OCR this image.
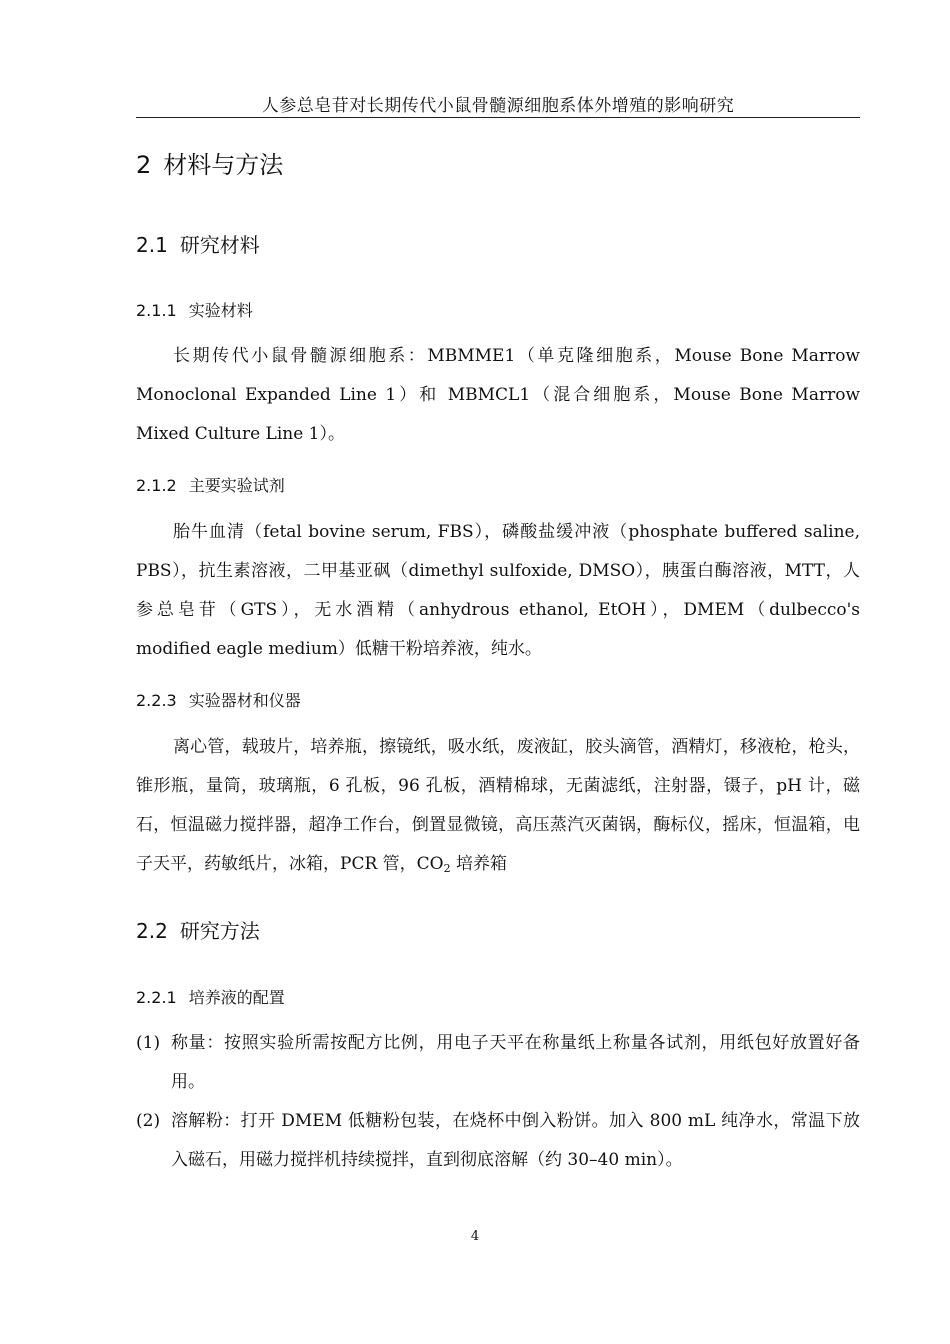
人参总皂苷对长期传代小鼠骨髓源细胞系体外增殖的影响研究
2 材料与方法
2.1 研究材料
2.1.1 实验材料

长期传代小鼠骨髓源细胞系：MBMME1（单克隆细胞系，Mouse Bone Marrow Monoclonal Expanded Line 1）和 MBMCL1（混合细胞系，Mouse Bone Marrow Mixed Culture Line 1）。

2.1.2 主要实验试剂

胎牛血清（fetal bovine serum, FBS），磷酸盐缓冲液（phosphate buffered saline, PBS），抗生素溶液，二甲基亚砜（dimethyl sulfoxide, DMSO），胰蛋白酶溶液，MTT，人参总皂苷（GTS），无水酒精（anhydrous ethanol, EtOH），DMEM（dulbecco's modified eagle medium）低糖干粉培养液，纯水。

2.2.3 实验器材和仪器

离心管，载玻片，培养瓶，擦镜纸，吸水纸，废液缸，胶头滴管，酒精灯，移液枪，枪头，锥形瓶，量筒，玻璃瓶，6 孔板，96 孔板，酒精棉球，无菌滤纸，注射器，镊子，pH 计，磁石，恒温磁力搅拌器，超净工作台，倒置显微镜，高压蒸汽灭菌锅，酶标仪，摇床，恒温箱，电子天平，药敏纸片，冰箱，PCR 管，$CO_2$ 培养箱

2.2 研究方法
2.2.1 培养液的配置
(1) 称量：按照实验所需按配方比例，用电子天平在称量纸上称量各试剂，用纸包好放置好备用。
(2) 溶解粉：打开 DMEM 低糖粉包装，在烧杯中倒入粉饼。加入 800 mL 纯净水，常温下放入磁石，用磁力搅拌机持续搅拌，直到彻底溶解（约 30–40 min）。
4
